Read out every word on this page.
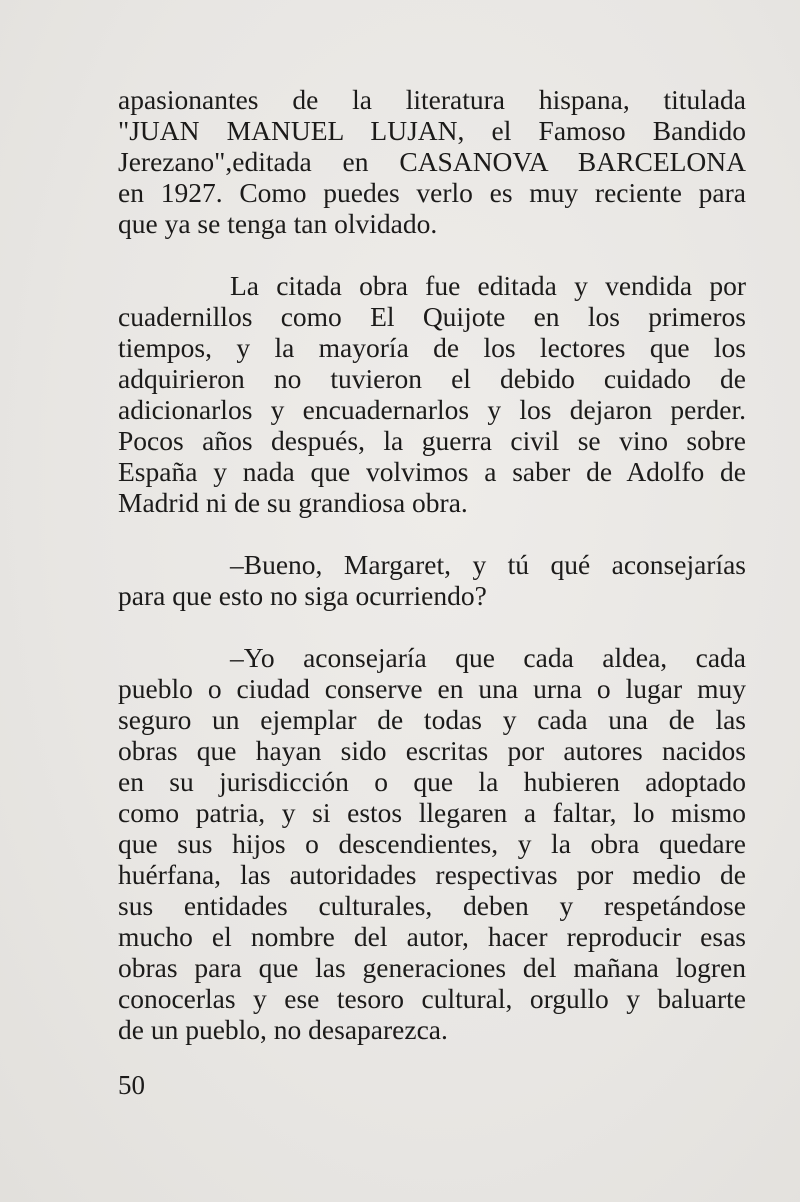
apasionantes de la literatura hispana, titulada
"JUAN MANUEL LUJAN, el Famoso Bandido
Jerezano",editada en CASANOVA BARCELONA
en 1927. Como puedes verlo es muy reciente para
que ya se tenga tan olvidado.
La citada obra fue editada y vendida por
cuadernillos como El Quijote en los primeros
tiempos, y la mayoría de los lectores que los
adquirieron no tuvieron el debido cuidado de
adicionarlos y encuadernarlos y los dejaron perder.
Pocos años después, la guerra civil se vino sobre
España y nada que volvimos a saber de Adolfo de
Madrid ni de su grandiosa obra.
–Bueno, Margaret, y tú qué aconsejarías
para que esto no siga ocurriendo?
–Yo aconsejaría que cada aldea, cada
pueblo o ciudad conserve en una urna o lugar muy
seguro un ejemplar de todas y cada una de las
obras que hayan sido escritas por autores nacidos
en su jurisdicción o que la hubieren adoptado
como patria, y si estos llegaren a faltar, lo mismo
que sus hijos o descendientes, y la obra quedare
huérfana, las autoridades respectivas por medio de
sus entidades culturales, deben y respetándose
mucho el nombre del autor, hacer reproducir esas
obras para que las generaciones del mañana logren
conocerlas y ese tesoro cultural, orgullo y baluarte
de un pueblo, no desaparezca.
50
